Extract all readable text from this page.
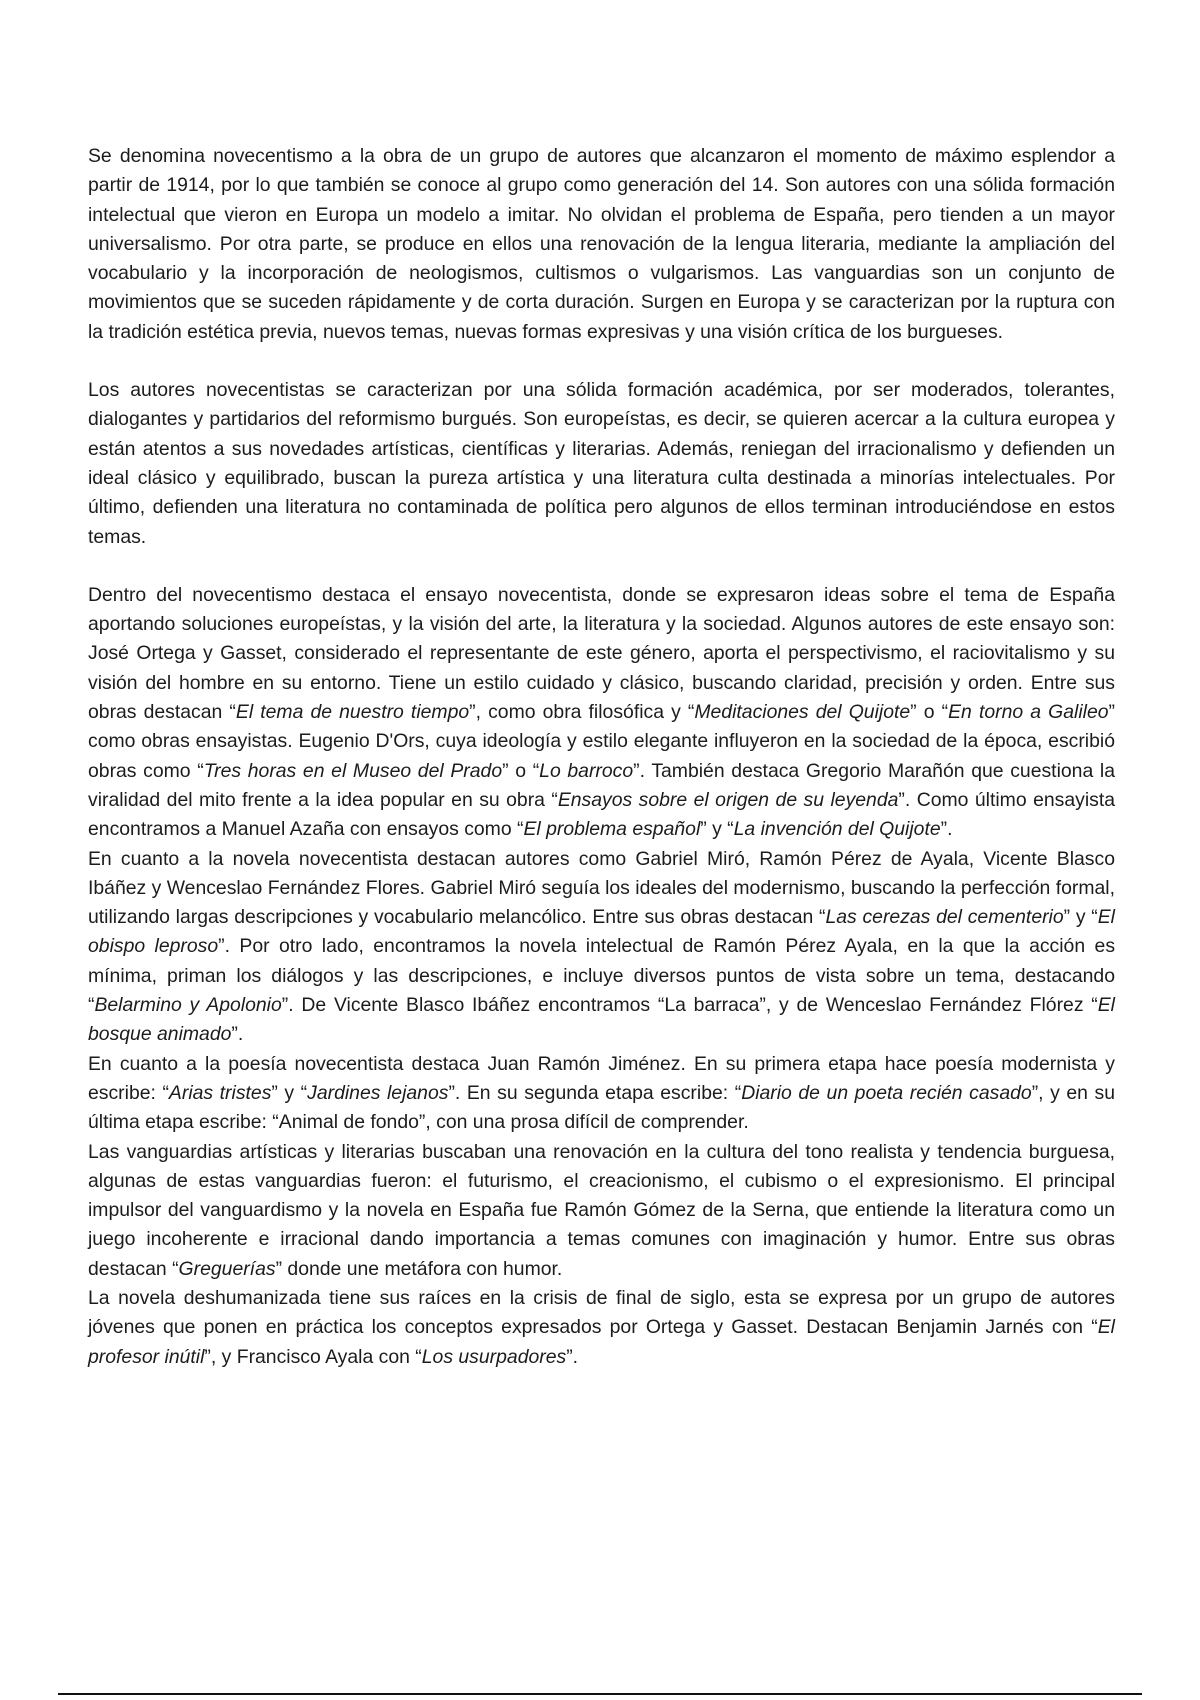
Se denomina novecentismo a la obra de un grupo de autores que alcanzaron el momento de máximo esplendor a partir de 1914, por lo que también se conoce al grupo como generación del 14. Son autores con una sólida formación intelectual que vieron en Europa un modelo a imitar. No olvidan el problema de España, pero tienden a un mayor universalismo. Por otra parte, se produce en ellos una renovación de la lengua literaria, mediante la ampliación del vocabulario y la incorporación de neologismos, cultismos o vulgarismos. Las vanguardias son un conjunto de movimientos que se suceden rápidamente y de corta duración. Surgen en Europa y se caracterizan por la ruptura con la tradición estética previa, nuevos temas, nuevas formas expresivas y una visión crítica de los burgueses.

Los autores novecentistas se caracterizan por una sólida formación académica, por ser moderados, tolerantes, dialogantes y partidarios del reformismo burgués. Son europeístas, es decir, se quieren acercar a la cultura europea y están atentos a sus novedades artísticas, científicas y literarias. Además, reniegan del irracionalismo y defienden un ideal clásico y equilibrado, buscan la pureza artística y una literatura culta destinada a minorías intelectuales. Por último, defienden una literatura no contaminada de política pero algunos de ellos terminan introduciéndose en estos temas.

Dentro del novecentismo destaca el ensayo novecentista, donde se expresaron ideas sobre el tema de España aportando soluciones europeístas, y la visión del arte, la literatura y la sociedad. Algunos autores de este ensayo son: José Ortega y Gasset, considerado el representante de este género, aporta el perspectivismo, el raciovitalismo y su visión del hombre en su entorno. Tiene un estilo cuidado y clásico, buscando claridad, precisión y orden. Entre sus obras destacan “El tema de nuestro tiempo”, como obra filosófica y “Meditaciones del Quijote” o “En torno a Galileo” como obras ensayistas. Eugenio D'Ors, cuya ideología y estilo elegante influyeron en la sociedad de la época, escribió obras como “Tres horas en el Museo del Prado” o “Lo barroco”. También destaca Gregorio Marañón que cuestiona la viralidad del mito frente a la idea popular en su obra “Ensayos sobre el origen de su leyenda”. Como último ensayista encontramos a Manuel Azaña con ensayos como “El problema español” y “La invención del Quijote”.

En cuanto a la novela novecentista destacan autores como Gabriel Miró, Ramón Pérez de Ayala, Vicente Blasco Ibáñez y Wenceslao Fernández Flores. Gabriel Miró seguía los ideales del modernismo, buscando la perfección formal, utilizando largas descripciones y vocabulario melancólico. Entre sus obras destacan “Las cerezas del cementerio” y “El obispo leproso”. Por otro lado, encontramos la novela intelectual de Ramón Pérez Ayala, en la que la acción es mínima, priman los diálogos y las descripciones, e incluye diversos puntos de vista sobre un tema, destacando “Belarmino y Apolonio”. De Vicente Blasco Ibáñez encontramos “La barraca”, y de Wenceslao Fernández Flórez “El bosque animado”.

En cuanto a la poesía novecentista destaca Juan Ramón Jiménez. En su primera etapa hace poesía modernista y escribe: “Arias tristes” y “Jardines lejanos”. En su segunda etapa escribe: “Diario de un poeta recién casado”, y en su última etapa escribe: “Animal de fondo”, con una prosa difícil de comprender.

Las vanguardias artísticas y literarias buscaban una renovación en la cultura del tono realista y tendencia burguesa, algunas de estas vanguardias fueron: el futurismo, el creacionismo, el cubismo o el expresionismo. El principal impulsor del vanguardismo y la novela en España fue Ramón Gómez de la Serna, que entiende la literatura como un juego incoherente e irracional dando importancia a temas comunes con imaginación y humor. Entre sus obras destacan “Greguerías” donde une metáfora con humor.

La novela deshumanizada tiene sus raíces en la crisis de final de siglo, esta se expresa por un grupo de autores jóvenes que ponen en práctica los conceptos expresados por Ortega y Gasset. Destacan Benjamin Jarnés con “El profesor inútil”, y Francisco Ayala con “Los usurpadores”.
